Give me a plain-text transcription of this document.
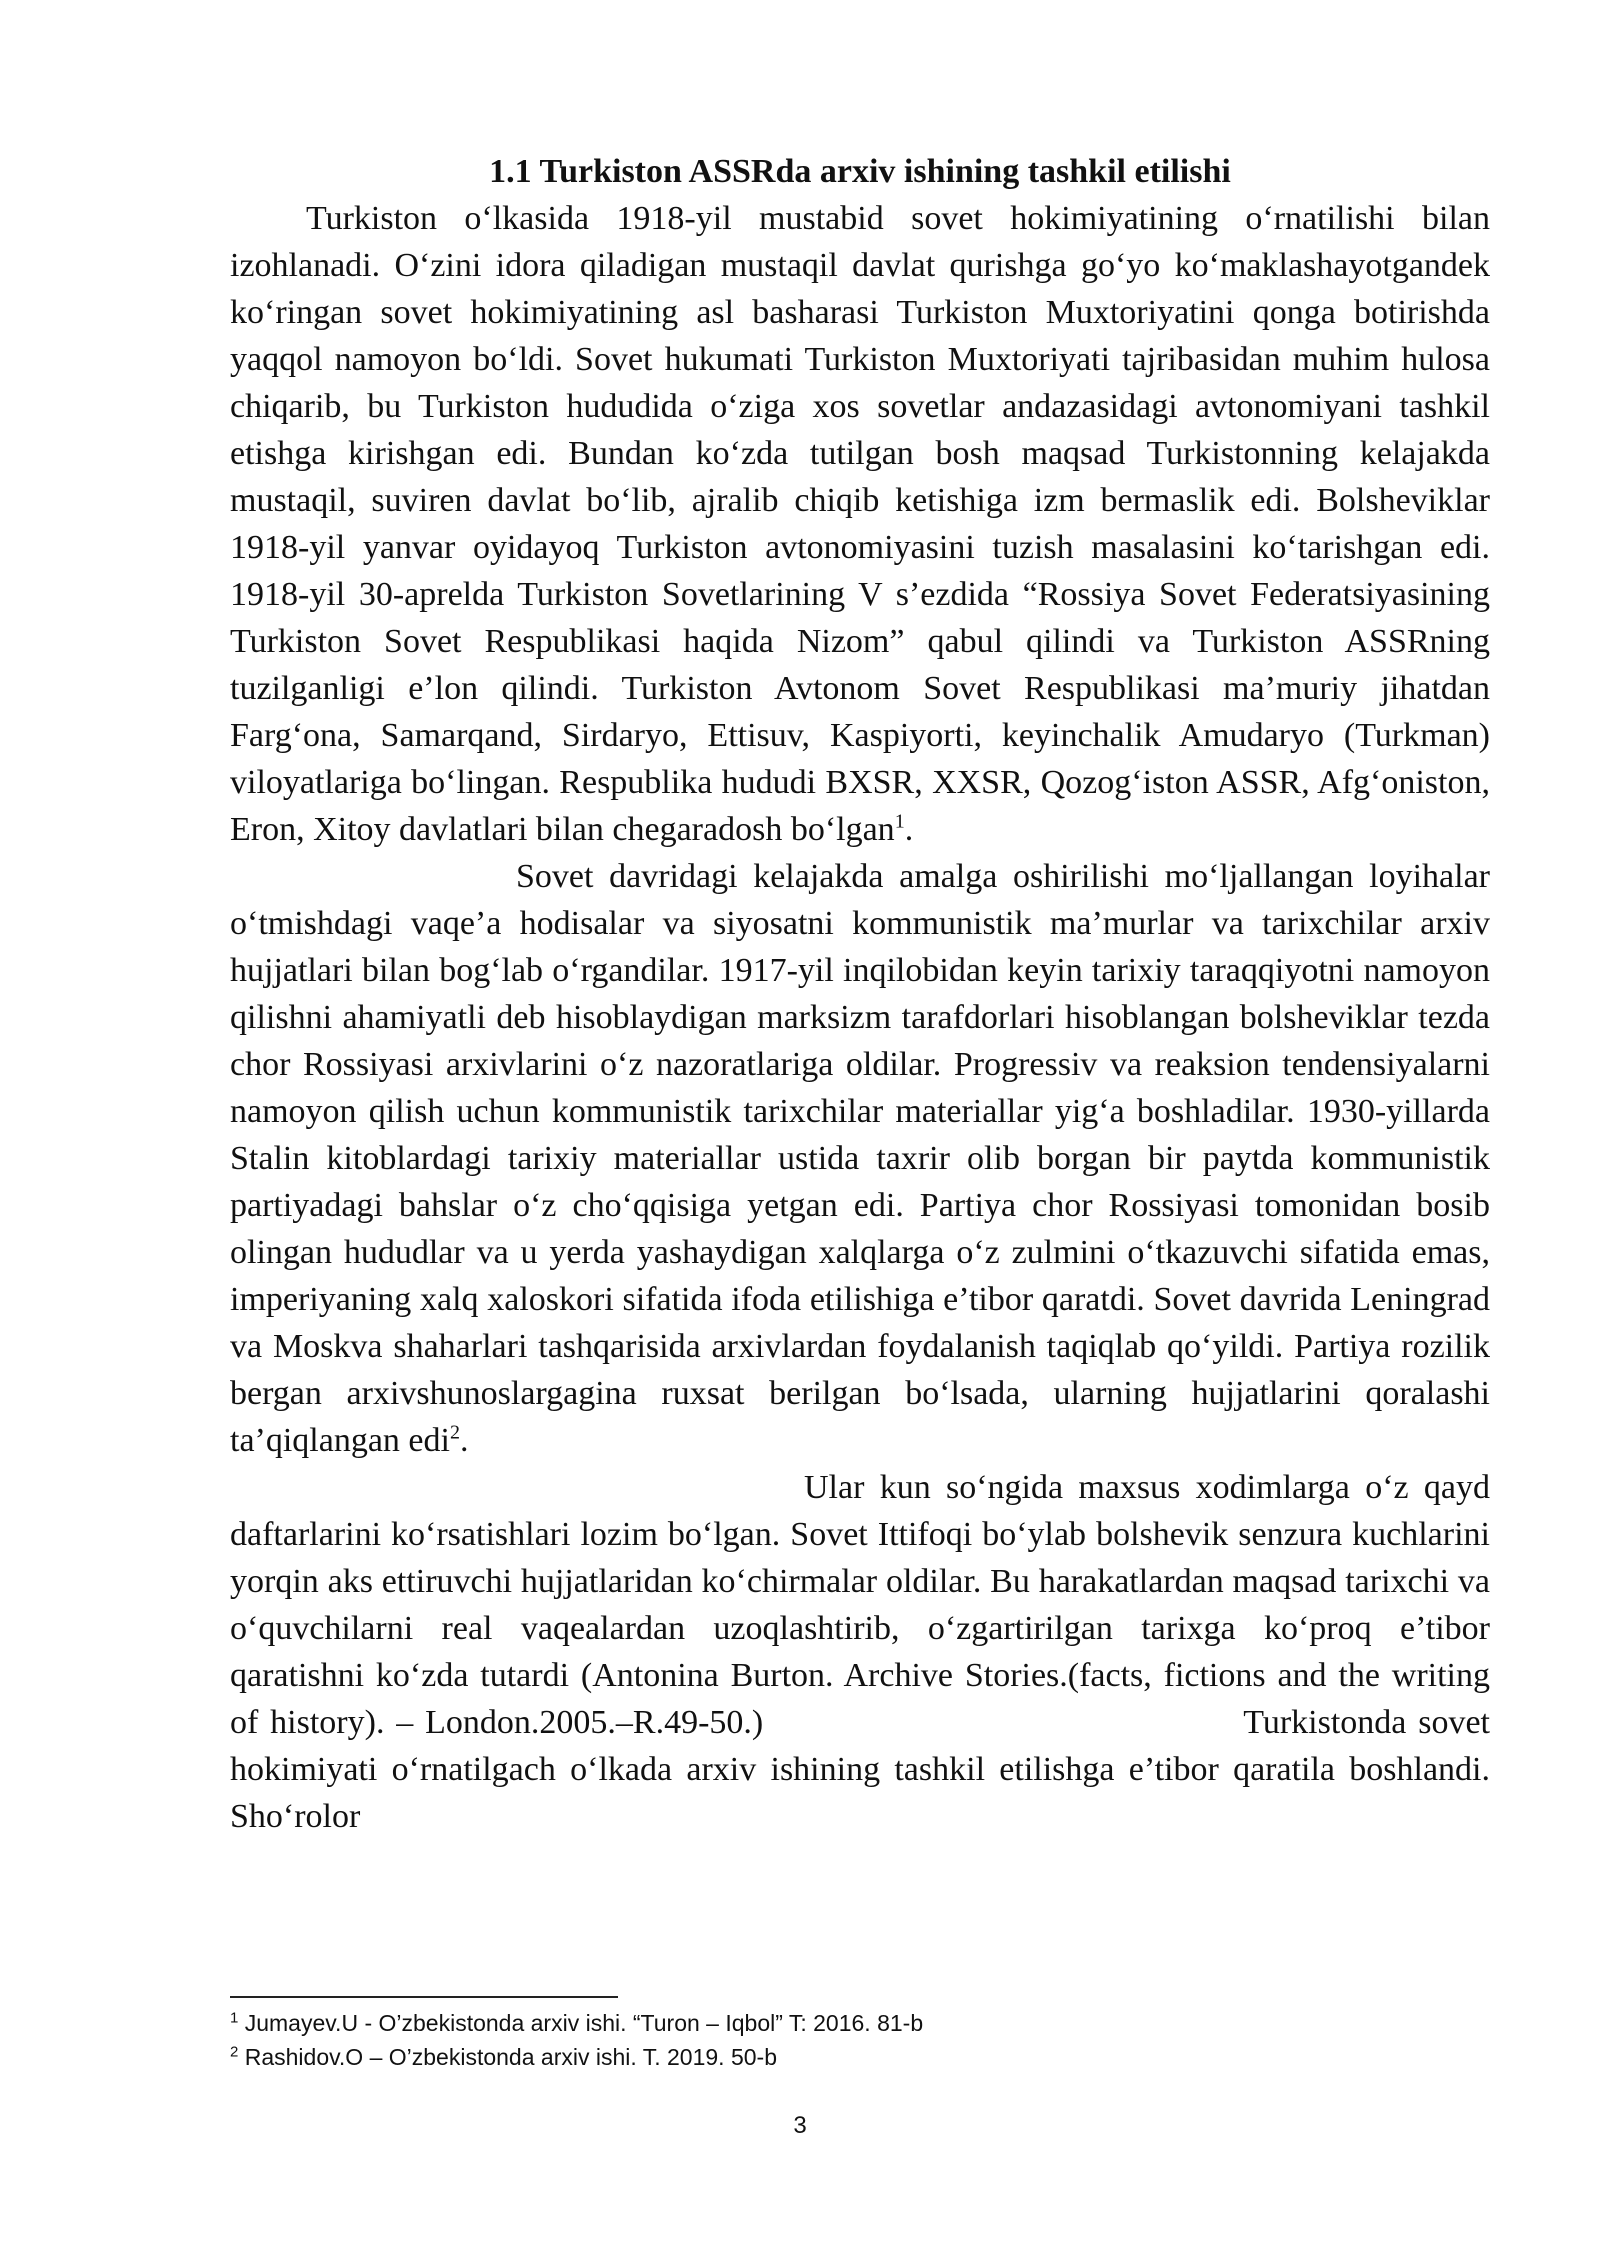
1.1 Turkiston ASSRda arxiv ishining tashkil etilishi

Turkiston o‘lkasida 1918-yil mustabid sovet hokimiyatining o‘rnatilishi bilan izohlanadi. O‘zini idora qiladigan mustaqil davlat qurishga go‘yo ko‘maklashayotgandek ko‘ringan sovet hokimiyatining asl basharasi Turkiston Muxtoriyatini qonga botirishda yaqqol namoyon bo‘ldi. Sovet hukumati Turkiston Muxtoriyati tajribasidan muhim hulosa chiqarib, bu Turkiston hududida o‘ziga xos sovetlar andazasidagi avtonomiyani tashkil etishga kirishgan edi. Bundan ko‘zda tutilgan bosh maqsad Turkistonning kelajakda mustaqil, suviren davlat bo‘lib, ajralib chiqib ketishiga izm bermaslik edi. Bolsheviklar 1918-yil yanvar oyidayoq Turkiston avtonomiyasini tuzish masalasini ko‘tarishgan edi. 1918-yil 30-aprelda Turkiston Sovetlarining V s’ezdida “Rossiya Sovet Federatsiyasining Turkiston Sovet Respublikasi haqida Nizom” qabul qilindi va Turkiston ASSRning tuzilganligi e’lon qilindi. Turkiston Avtonom Sovet Respublikasi ma’muriy jihatdan Farg‘ona, Samarqand, Sirdaryo, Ettisuv, Kaspiyorti, keyinchalik Amudaryo (Turkman) viloyatlariga bo‘lingan. Respublika hududi BXSR, XXSR, Qozog‘iston ASSR, Afg‘oniston, Eron, Xitoy davlatlari bilan chegaradosh bo‘lgan$^1$.

Sovet davridagi kelajakda amalga oshirilishi mo‘ljallangan loyihalar o‘tmishdagi vaqe’a hodisalar va siyosatni kommunistik ma’murlar va tarixchilar arxiv hujjatlari bilan bog‘lab o‘rgandilar. 1917-yil inqilobidan keyin tarixiy taraqqiyotni namoyon qilishni ahamiyatli deb hisoblaydigan marksizm tarafdorlari hisoblangan bolsheviklar tezda chor Rossiyasi arxivlarini o‘z nazoratlariga oldilar. Progressiv va reaksion tendensiyalarni namoyon qilish uchun kommunistik tarixchilar materiallar yig‘a boshladilar. 1930-yillarda Stalin kitoblardagi tarixiy materiallar ustida taxrir olib borgan bir paytda kommunistik partiyadagi bahslar o‘z cho‘qqisiga yetgan edi. Partiya chor Rossiyasi tomonidan bosib olingan hududlar va u yerda yashaydigan xalqlarga o‘z zulmini o‘tkazuvchi sifatida emas, imperiyaning xalq xaloskori sifatida ifoda etilishiga e’tibor qaratdi. Sovet davrida Leningrad va Moskva shaharlari tashqarisida arxivlardan foydalanish taqiqlab qo‘yildi. Partiya rozilik bergan arxivshunoslargagina ruxsat berilgan bo‘lsada, ularning hujjatlarini qoralashi ta’qiqlangan edi$^2$.

Ular kun so‘ngida maxsus xodimlarga o‘z qayd daftarlarini ko‘rsatishlari lozim bo‘lgan. Sovet Ittifoqi bo‘ylab bolshevik senzura kuchlarini yorqin aks ettiruvchi hujjatlaridan ko‘chirmalar oldilar. Bu harakatlardan maqsad tarixchi va o‘quvchilarni real vaqealardan uzoqlashtirib, o‘zgartirilgan tarixga ko‘proq e’tibor qaratishni ko‘zda tutardi (Antonina Burton. Archive Stories.(facts, fictions and the writing of history). – London.2005.–R.49-50.)	Turkistonda sovet hokimiyati o‘rnatilgach o‘lkada arxiv ishining tashkil etilishga e’tibor qaratila boshlandi. Sho‘rolor

$^1$ Jumayev.U - O’zbekistonda arxiv ishi. “Turon – Iqbol” T: 2016. 81-b

$^2$ Rashidov.O – O’zbekistonda arxiv ishi. T. 2019. 50-b

3
